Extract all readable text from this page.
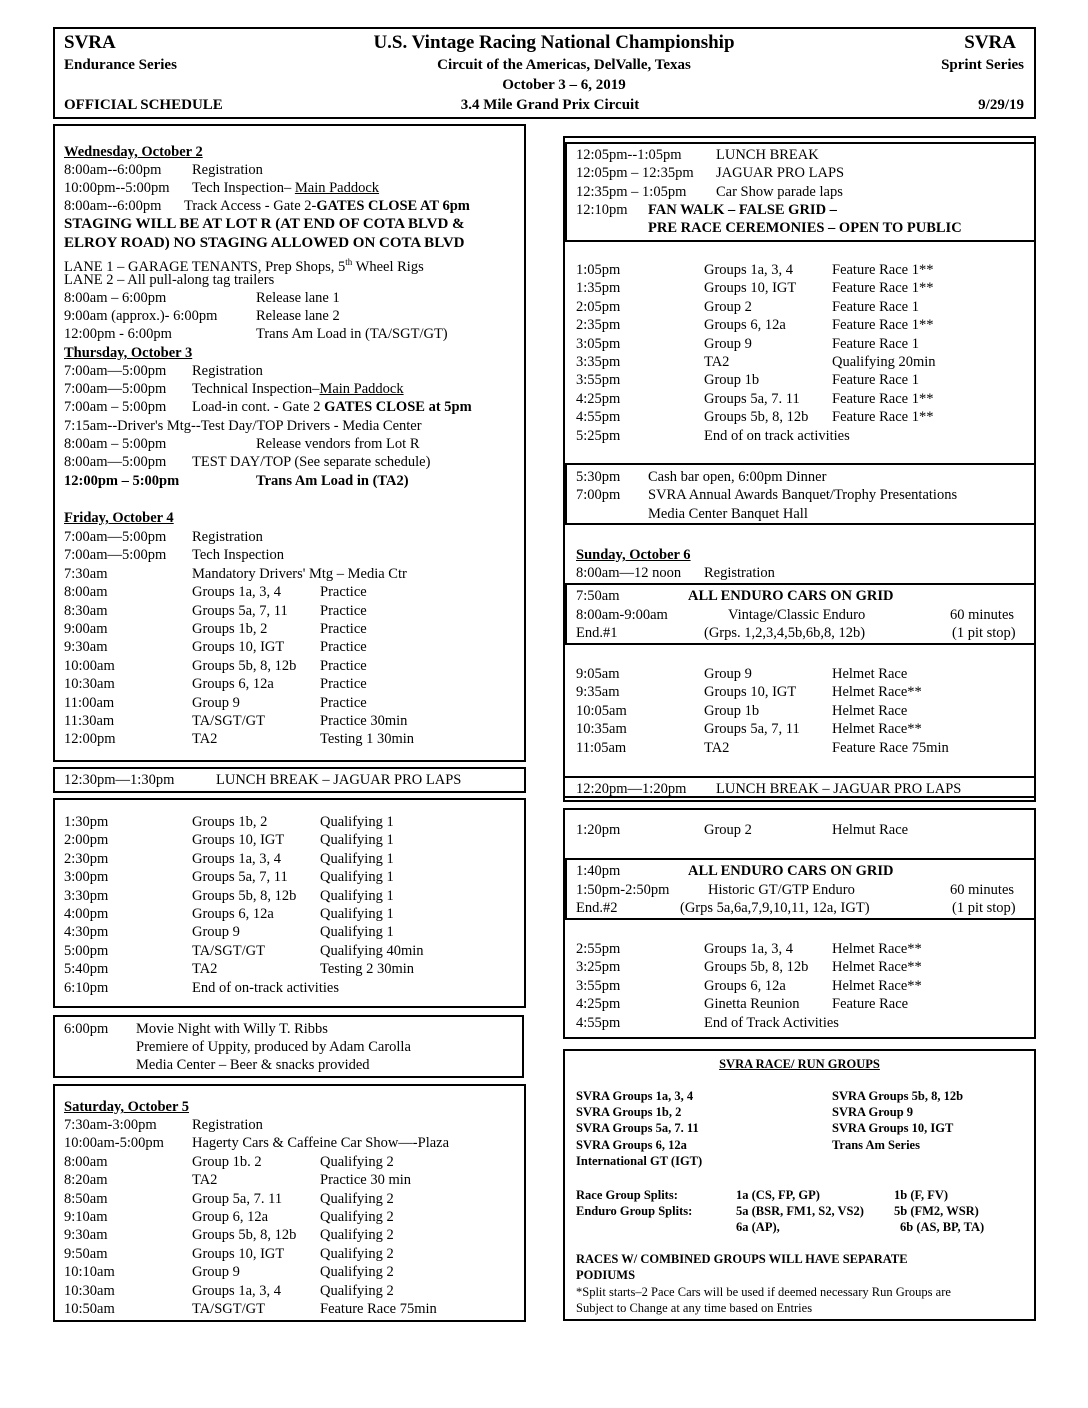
SVRA
Endurance Series
OFFICIAL SCHEDULE
U.S. Vintage Racing National Championship
Circuit of the Americas, DelValle, Texas
October 3 – 6, 2019
3.4 Mile Grand Prix Circuit
SVRA
Sprint Series
9/29/19
Wednesday, October 2
8:00am--6:00pm Registration
10:00pm--5:00pm Tech Inspection– Main Paddock
8:00am--6:00pm Track Access - Gate 2-GATES CLOSE AT 6pm
STAGING WILL BE AT LOT R (AT END OF COTA BLVD &
ELROY ROAD) NO STAGING ALLOWED ON COTA BLVD
LANE 1 – GARAGE TENANTS, Prep Shops, 5th Wheel Rigs
LANE 2 – All pull-along tag trailers
8:00am – 6:00pm	Release lane 1
9:00am (approx.)- 6:00pm	Release lane 2
12:00pm - 6:00pm	Trans Am Load in (TA/SGT/GT)
Thursday, October 3
7:00am—5:00pm Registration
7:00am—5:00pm Technical Inspection–Main Paddock
7:00am – 5:00pm Load-in cont. - Gate 2 GATES CLOSE at 5pm
7:15am--Driver's Mtg--Test Day/TOP Drivers - Media Center
8:00am – 5:00pm	Release vendors from Lot R
8:00am—5:00pm TEST DAY/TOP (See separate schedule)
12:00pm – 5:00pm	Trans Am Load in (TA2)
Friday, October 4
7:00am—5:00pm Registration
7:00am—5:00pm Tech Inspection
7:30am	Mandatory Drivers' Mtg – Media Ctr
8:00am	Groups 1a, 3, 4	Practice
8:30am	Groups 5a, 7, 11 Practice
9:00am	Groups 1b, 2	Practice
9:30am	Groups 10, IGT Practice
10:00am	Groups 5b, 8, 12b Practice
10:30am	Groups 6, 12a	Practice
11:00am	Group 9	Practice
11:30am	TA/SGT/GT	Practice 30min
12:00pm	TA2	Testing 1 30min
12:30pm—1:30pm	LUNCH BREAK – JAGUAR PRO LAPS
1:30pm	Groups 1b, 2	Qualifying 1
2:00pm	Groups 10, IGT Qualifying 1
2:30pm	Groups 1a, 3, 4	Qualifying 1
3:00pm	Groups 5a, 7, 11 Qualifying 1
3:30pm	Groups 5b, 8, 12b Qualifying 1
4:00pm	Groups 6, 12a	Qualifying 1
4:30pm	Group 9	Qualifying 1
5:00pm	TA/SGT/GT	Qualifying 40min
5:40pm	TA2	Testing 2 30min
6:10pm	End of on-track activities
6:00pm Movie Night with Willy T. Ribbs
Premiere of Uppity, produced by Adam Carolla
Media Center – Beer & snacks provided
Saturday, October 5
7:30am-3:00pm Registration
10:00am-5:00pm Hagerty Cars & Caffeine Car Show—-Plaza
8:00am	Group 1b. 2	Qualifying 2
8:20am	TA2	Practice 30 min
8:50am	Group 5a, 7. 11	Qualifying 2
9:10am	Group 6, 12a	Qualifying 2
9:30am	Groups 5b, 8, 12b Qualifying 2
9:50am	Groups 10, IGT Qualifying 2
10:10am	Group 9	Qualifying 2
10:30am	Groups 1a, 3, 4	Qualifying 2
10:50am	TA/SGT/GT	Feature Race 75min
12:05pm--1:05pm LUNCH BREAK
12:05pm – 12:35pm JAGUAR PRO LAPS
12:35pm – 1:05pm Car Show parade laps
12:10pm FAN WALK – FALSE GRID –
PRE RACE CEREMONIES – OPEN TO PUBLIC
1:05pm	Groups 1a, 3, 4	Feature Race 1**
1:35pm	Groups 10, IGT Feature Race 1**
2:05pm	Group 2	Feature Race 1
2:35pm	Groups 6, 12a	Feature Race 1**
3:05pm	Group 9	Feature Race 1
3:35pm	TA2	Qualifying 20min
3:55pm	Group 1b	Feature Race 1
4:25pm	Groups 5a, 7. 11 Feature Race 1**
4:55pm	Groups 5b, 8, 12b Feature Race 1**
5:25pm	End of on track activities
5:30pm Cash bar open, 6:00pm Dinner
7:00pm SVRA Annual Awards Banquet/Trophy Presentations
Media Center Banquet Hall
Sunday, October 6
8:00am—12 noon Registration
7:50am	ALL ENDURO CARS ON GRID
8:00am-9:00am	Vintage/Classic Enduro	60 minutes
End.#1	(Grps. 1,2,3,4,5b,6b,8, 12b)	(1 pit stop)
9:05am	Group 9	Helmet Race
9:35am	Groups 10, IGT Helmet Race**
10:05am	Group 1b	Helmet Race
10:35am	Groups 5a, 7, 11 Helmet Race**
11:05am	TA2	Feature Race 75min
12:20pm—1:20pm LUNCH BREAK – JAGUAR PRO LAPS
1:20pm	Group 2	Helmut Race
1:40pm	ALL ENDURO CARS ON GRID
1:50pm-2:50pm	Historic GT/GTP Enduro	60 minutes
End.#2	(Grps 5a,6a,7,9,10,11, 12a, IGT)	(1 pit stop)
2:55pm	Groups 1a, 3, 4	Helmet Race**
3:25pm	Groups 5b, 8, 12b Helmet Race**
3:55pm	Groups 6, 12a	Helmet Race**
4:25pm	Ginetta Reunion Feature Race
4:55pm	End of Track Activities
SVRA RACE/ RUN GROUPS
SVRA Groups 1a, 3, 4
SVRA Groups 1b, 2
SVRA Groups 5a, 7. 11
SVRA Groups 6, 12a
International GT (IGT)
SVRA Groups 5b, 8, 12b
SVRA Group 9
SVRA Groups 10, IGT
Trans Am Series
Race Group Splits:	1a (CS, FP, GP)	1b (F, FV)
Enduro Group Splits:	5a (BSR, FM1, S2, VS2) 5b (FM2, WSR)
6a (AP),	6b (AS, BP, TA)
RACES W/ COMBINED GROUPS WILL HAVE SEPARATE
PODIUMS
*Split starts–2 Pace Cars will be used if deemed necessary Run Groups are
Subject to Change at any time based on Entries
